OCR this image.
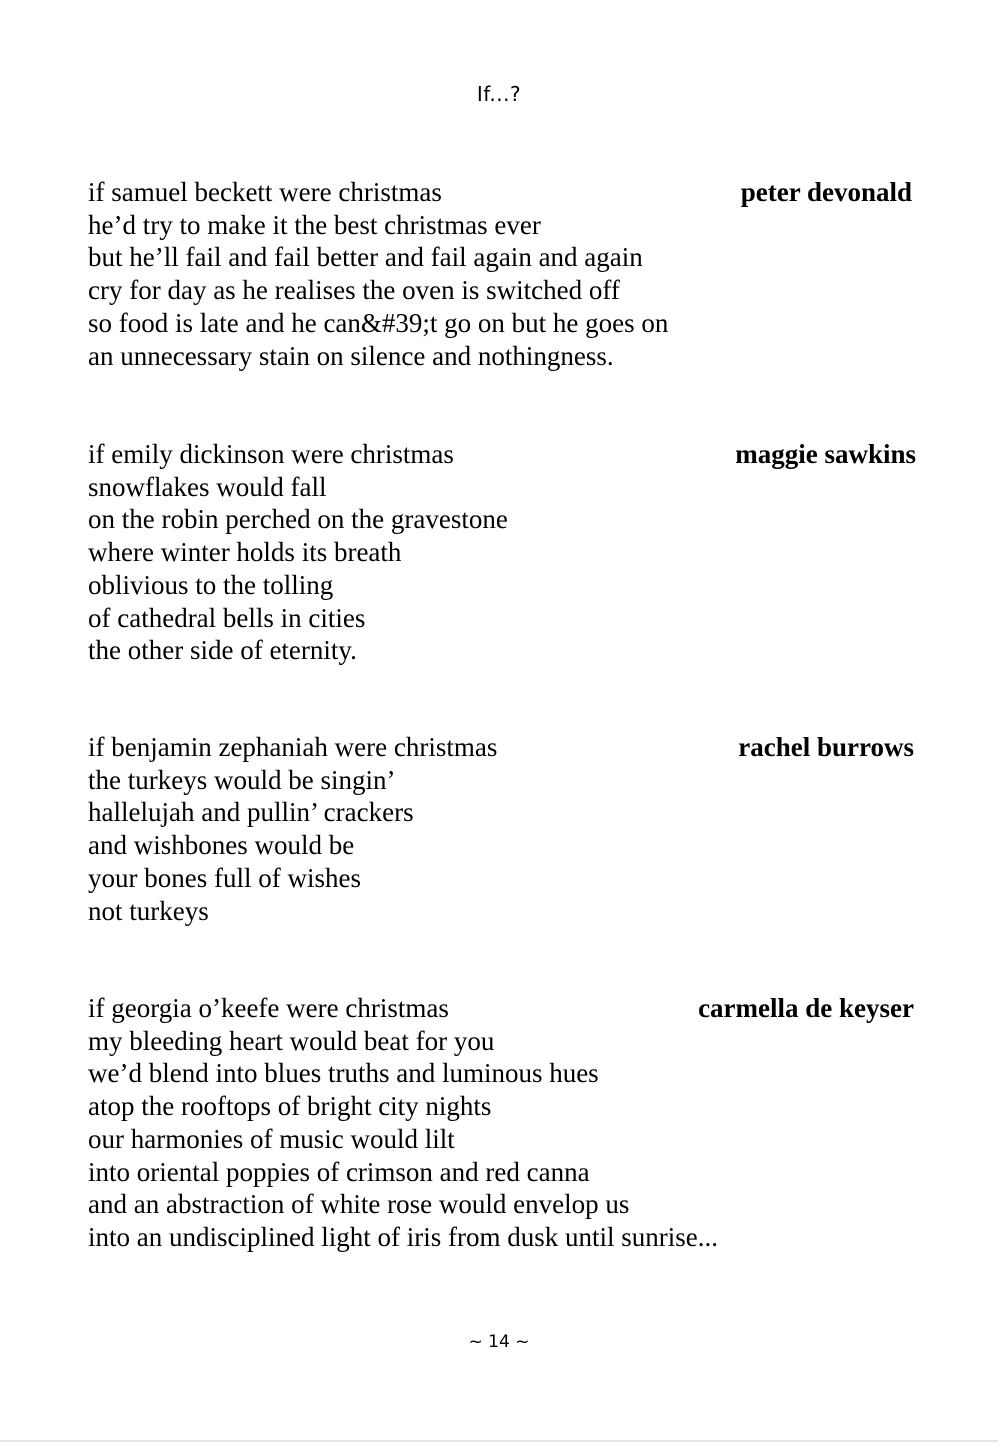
If...?
if samuel beckett were christmas
he’d try to make it the best christmas ever
but he’ll fail and fail better and fail again and again
cry for day as he realises the oven is switched off
so food is late and he can&#39;t go on but he goes on
an unnecessary stain on silence and nothingness.
peter devonald
if emily dickinson were christmas
snowflakes would fall
on the robin perched on the gravestone
where winter holds its breath
oblivious to the tolling
of cathedral bells in cities
the other side of eternity.
maggie sawkins
if benjamin zephaniah were christmas
the turkeys would be singin’
hallelujah and pullin’ crackers
and wishbones would be
your bones full of wishes
not turkeys
rachel burrows
if georgia o’keefe were christmas
my bleeding heart would beat for you
we’d blend into blues truths and luminous hues
atop the rooftops of bright city nights
our harmonies of music would lilt
into oriental poppies of crimson and red canna
and an abstraction of white rose would envelop us
into an undisciplined light of iris from dusk until sunrise...
carmella de keyser
~ 14 ~
